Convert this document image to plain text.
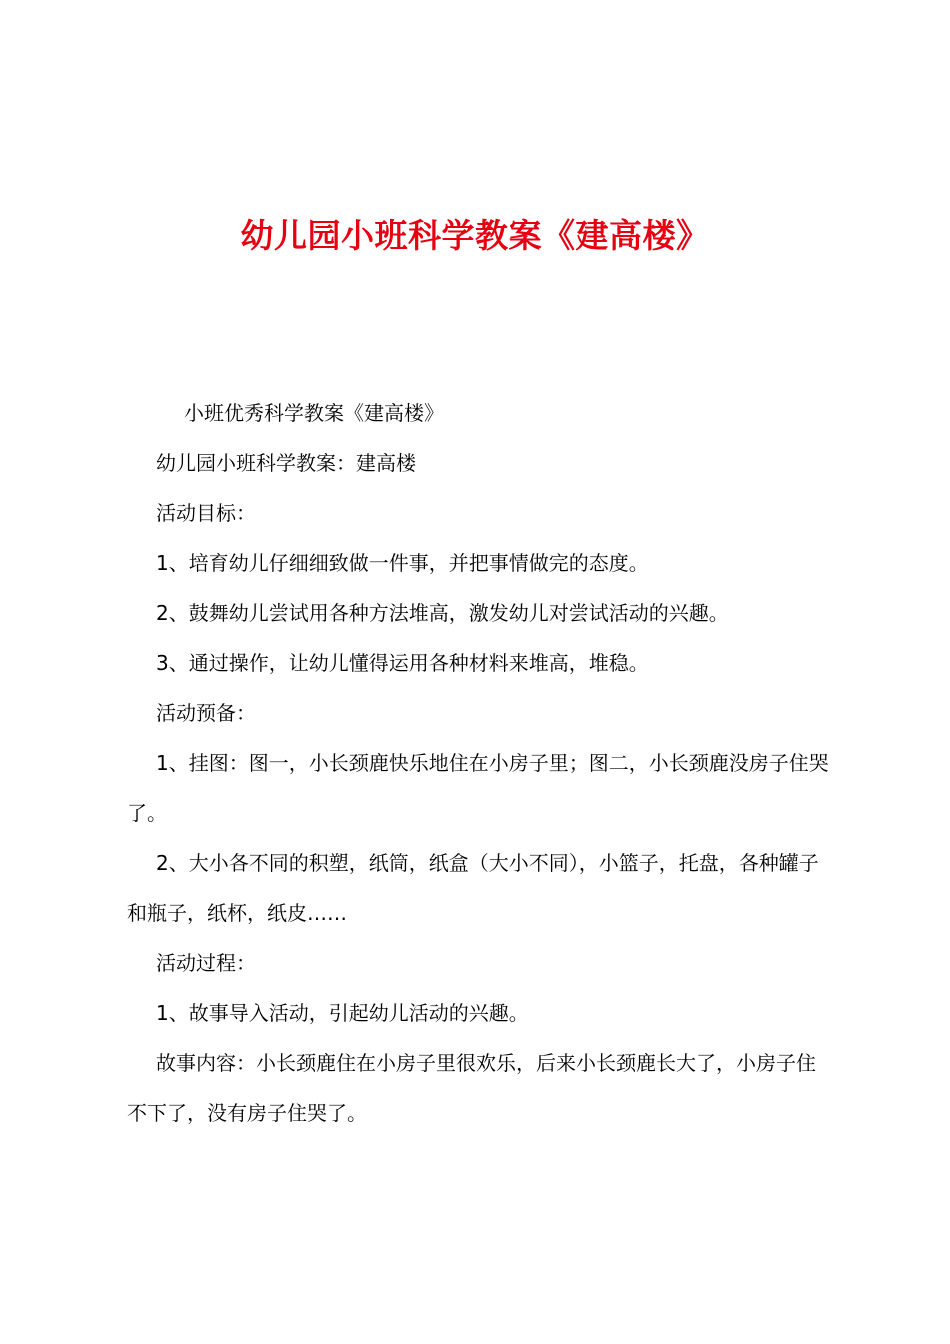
幼儿园小班科学教案《建高楼》

小班优秀科学教案《建高楼》

幼儿园小班科学教案：建高楼

活动目标：

1、培育幼儿仔细细致做一件事，并把事情做完的态度。

2、鼓舞幼儿尝试用各种方法堆高，激发幼儿对尝试活动的兴趣。

3、通过操作，让幼儿懂得运用各种材料来堆高，堆稳。

活动预备：

1、挂图：图一，小长颈鹿快乐地住在小房子里；图二，小长颈鹿没房子住哭了。

2、大小各不同的积塑，纸筒，纸盒（大小不同），小篮子，托盘，各种罐子和瓶子，纸杯，纸皮……

活动过程：

1、故事导入活动，引起幼儿活动的兴趣。

故事内容：小长颈鹿住在小房子里很欢乐，后来小长颈鹿长大了，小房子住不下了，没有房子住哭了。
